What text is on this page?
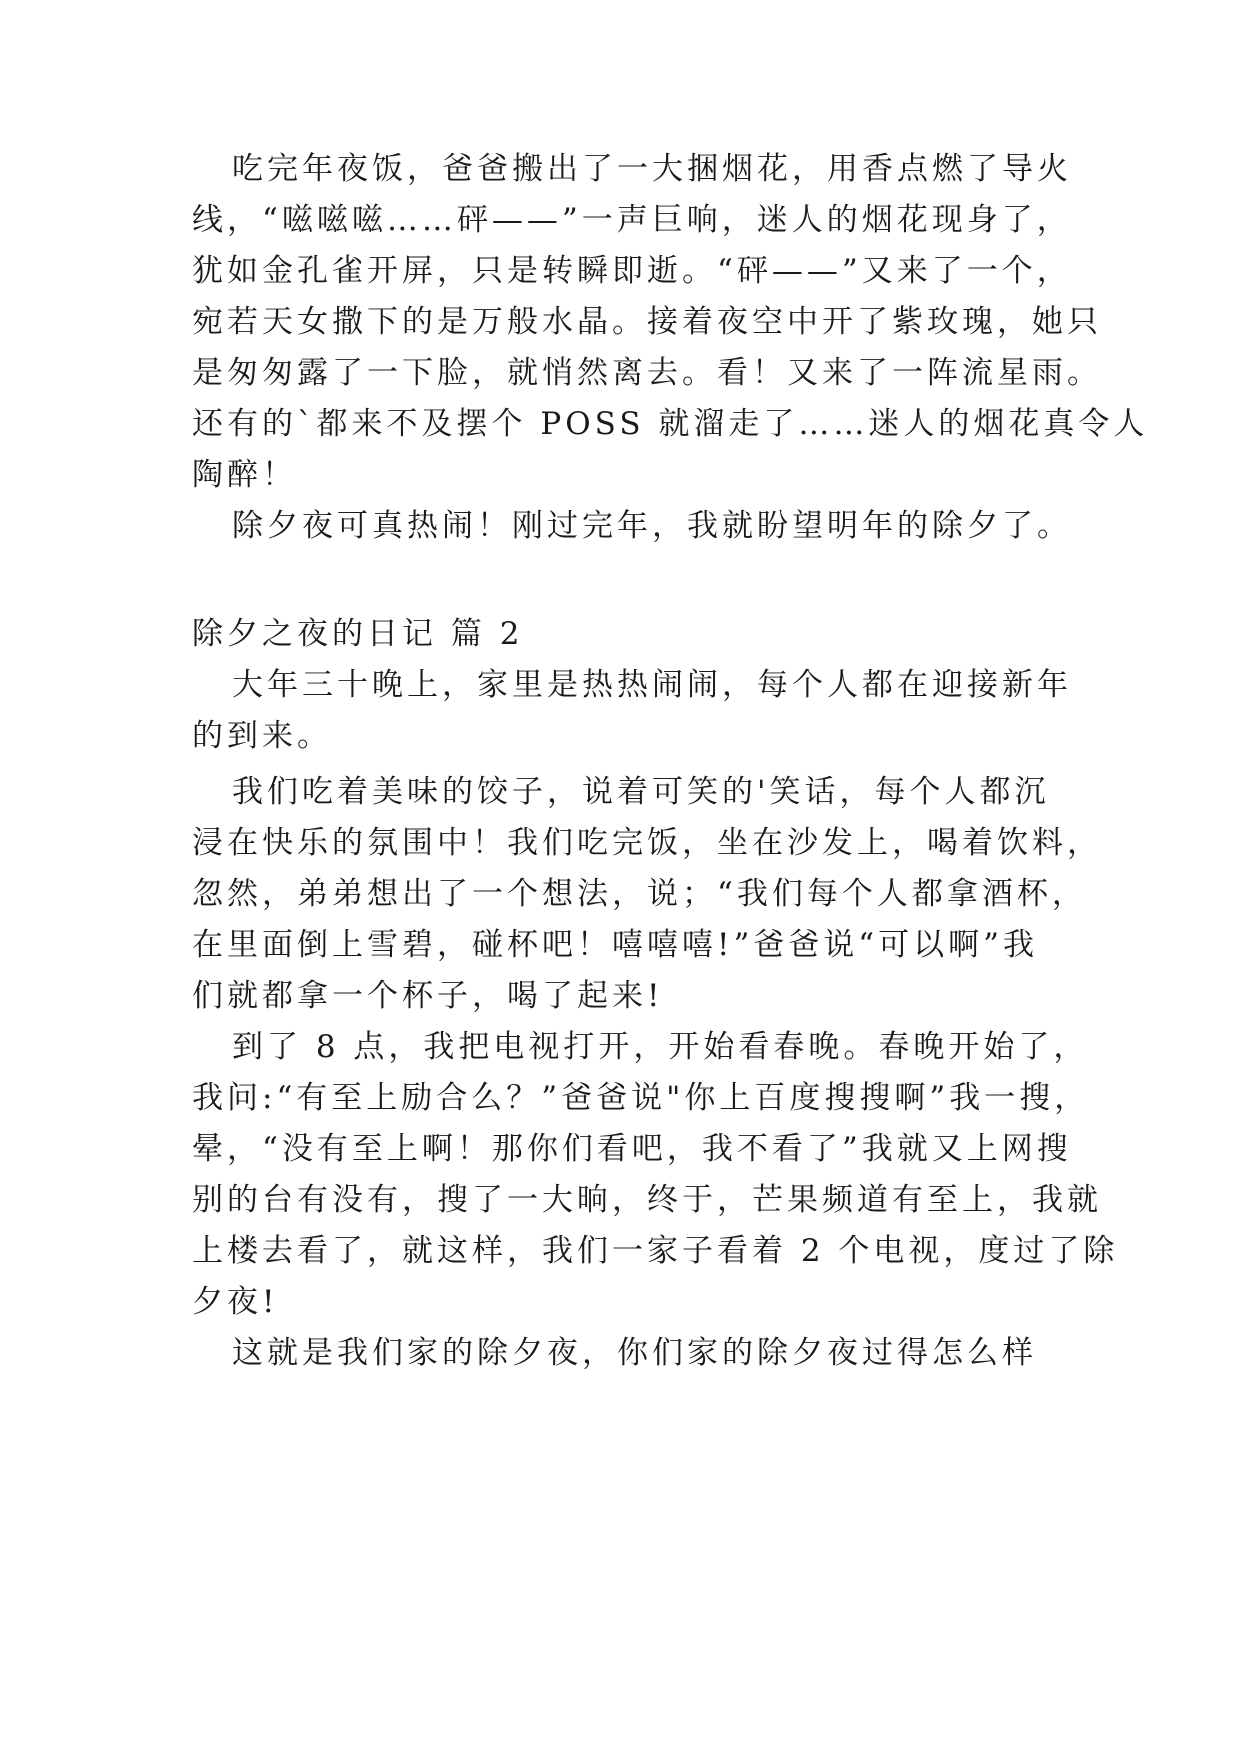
吃完年夜饭，爸爸搬出了一大捆烟花，用香点燃了导火

线，“嗞嗞嗞……砰——”一声巨响，迷人的烟花现身了，

犹如金孔雀开屏，只是转瞬即逝。“砰——”又来了一个，

宛若天女撒下的是万般水晶。接着夜空中开了紫玫瑰，她只

是匆匆露了一下脸，就悄然离去。看！又来了一阵流星雨。

还有的`都来不及摆个 POSS 就溜走了……迷人的烟花真令人

陶醉！

除夕夜可真热闹！刚过完年，我就盼望明年的除夕了。

除夕之夜的日记 篇 2

大年三十晚上，家里是热热闹闹，每个人都在迎接新年

的到来。

我们吃着美味的饺子，说着可笑的'笑话，每个人都沉

浸在快乐的氛围中！我们吃完饭，坐在沙发上，喝着饮料，

忽然，弟弟想出了一个想法，说；“我们每个人都拿酒杯，

在里面倒上雪碧，碰杯吧！嘻嘻嘻!”爸爸说“可以啊”我

们就都拿一个杯子，喝了起来!

到了 8 点，我把电视打开，开始看春晚。春晚开始了，

我问:“有至上励合么？”爸爸说"你上百度搜搜啊”我一搜，

晕，“没有至上啊！那你们看吧，我不看了”我就又上网搜

别的台有没有，搜了一大晌，终于，芒果频道有至上，我就

上楼去看了，就这样，我们一家子看着 2 个电视，度过了除

夕夜!

这就是我们家的除夕夜，你们家的除夕夜过得怎么样
